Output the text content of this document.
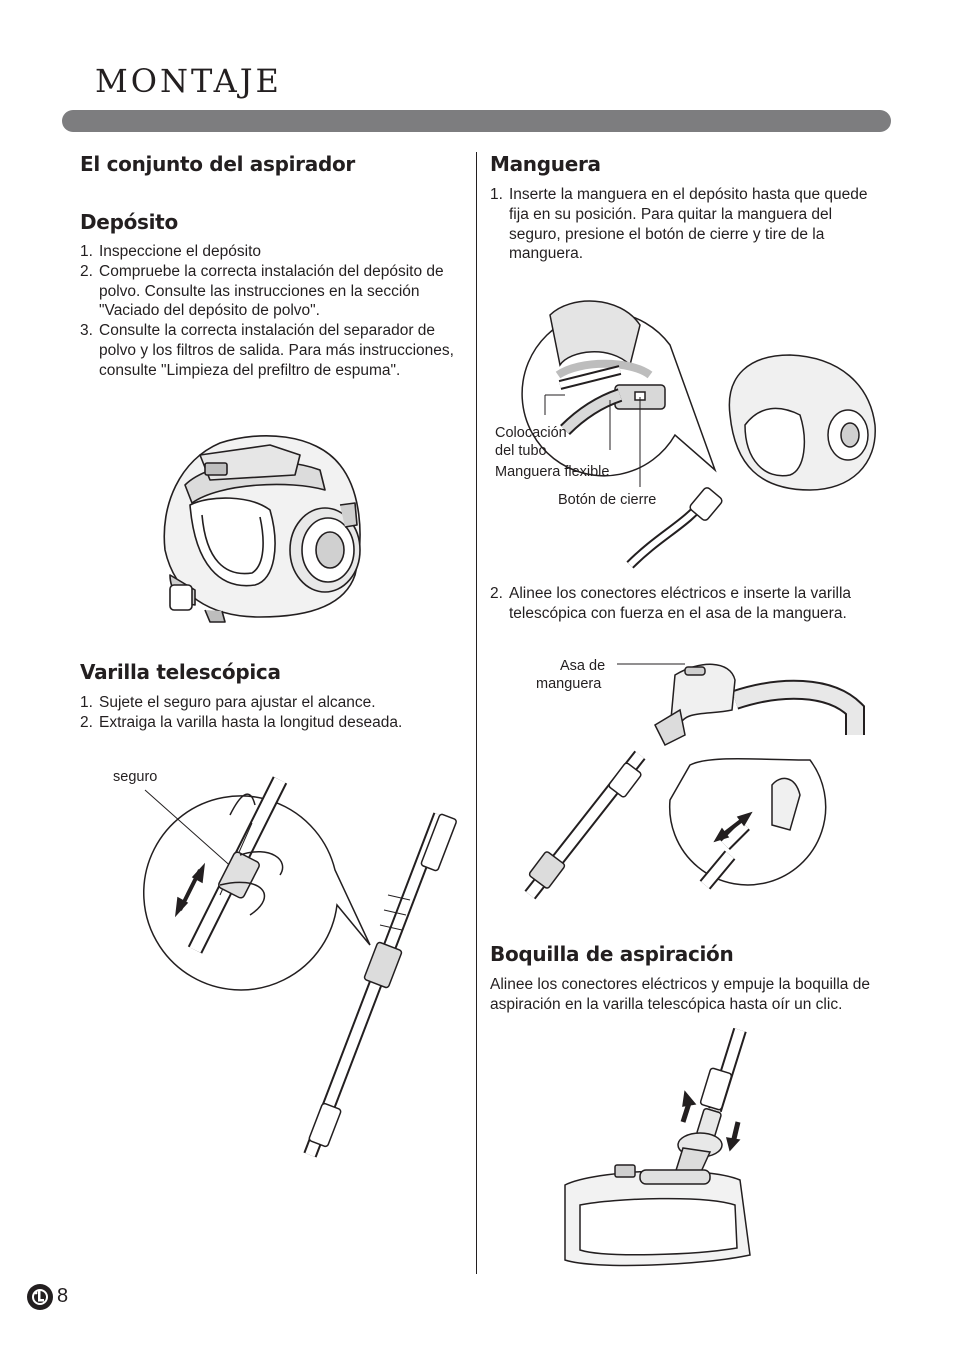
MONTAJE
El conjunto del aspirador
Depósito
1. Inspeccione el depósito
2. Compruebe la correcta instalación del depósito de polvo. Consulte las instrucciones en la sección "Vaciado del depósito de polvo".
3. Consulte la correcta instalación del separador de polvo y los filtros de salida. Para más instrucciones, consulte "Limpieza del prefiltro de espuma".
Varilla telescópica
1. Sujete el seguro para ajustar el alcance.
2. Extraiga la varilla hasta la longitud deseada.
seguro
Manguera
1. Inserte la manguera en el depósito hasta que quede fija en su posición. Para quitar la manguera del seguro, presione el botón de cierre y tire de la manguera.
Colocación
del tubo
Manguera flexible
Botón de cierre
2. Alinee los conectores eléctricos e inserte la varilla telescópica con fuerza en el asa de la manguera.
Asa de
manguera
Boquilla de aspiración
Alinee los conectores eléctricos y empuje la boquilla de aspiración en la varilla telescópica hasta oír un clic.
8
